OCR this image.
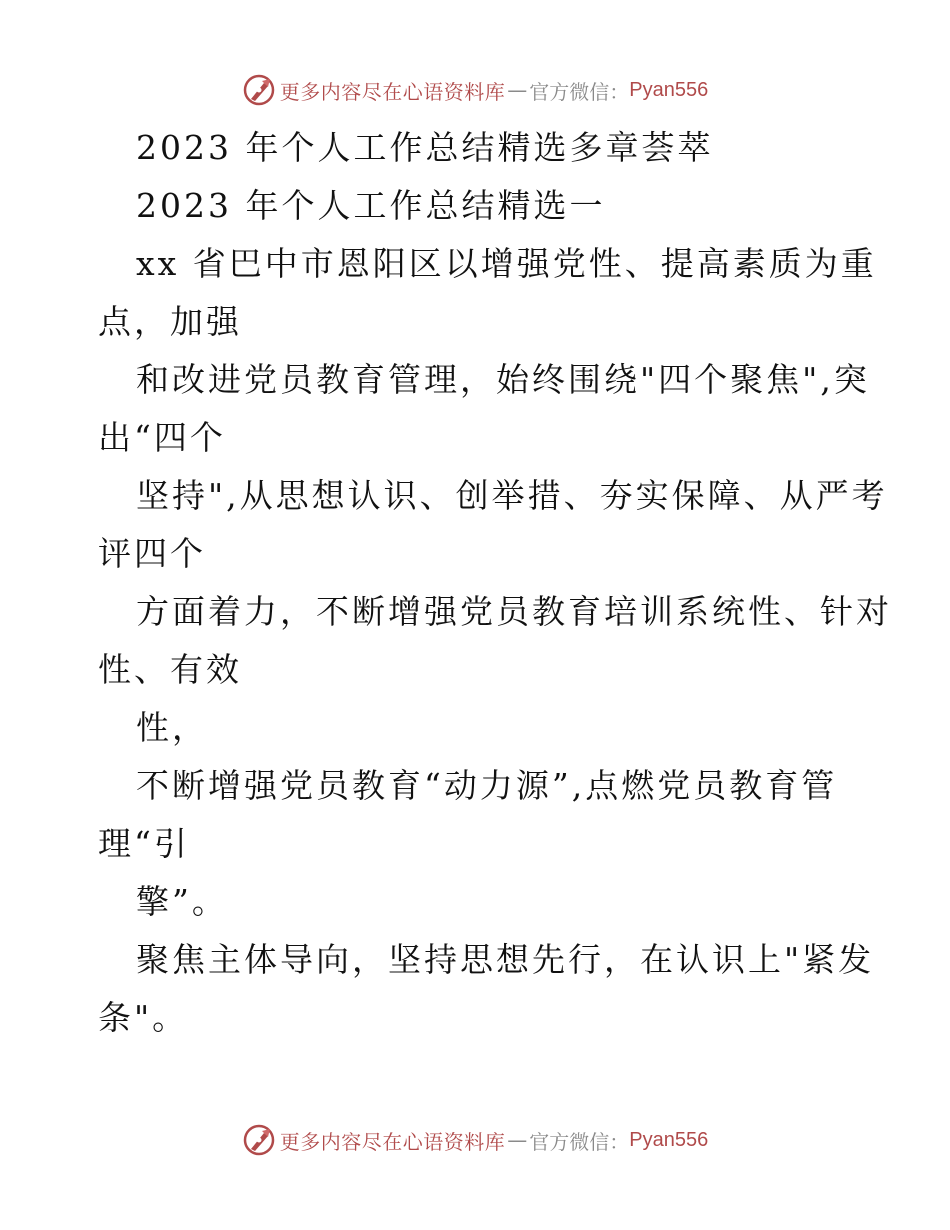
更多内容尽在心语资料库 — 官方微信： Pyan556
2023 年个人工作总结精选多章荟萃
2023 年个人工作总结精选一
xx 省巴中市恩阳区以增强党性、提高素质为重
点，加强
和改进党员教育管理，始终围绕"四个聚焦",突
出“四个
坚持",从思想认识、创举措、夯实保障、从严考
评四个
方面着力，不断增强党员教育培训系统性、针对
性、有效
性，
不断增强党员教育“动力源”,点燃党员教育管
理“引
擎”。
聚焦主体导向，坚持思想先行，在认识上"紧发
条"。
更多内容尽在心语资料库 — 官方微信： Pyan556
